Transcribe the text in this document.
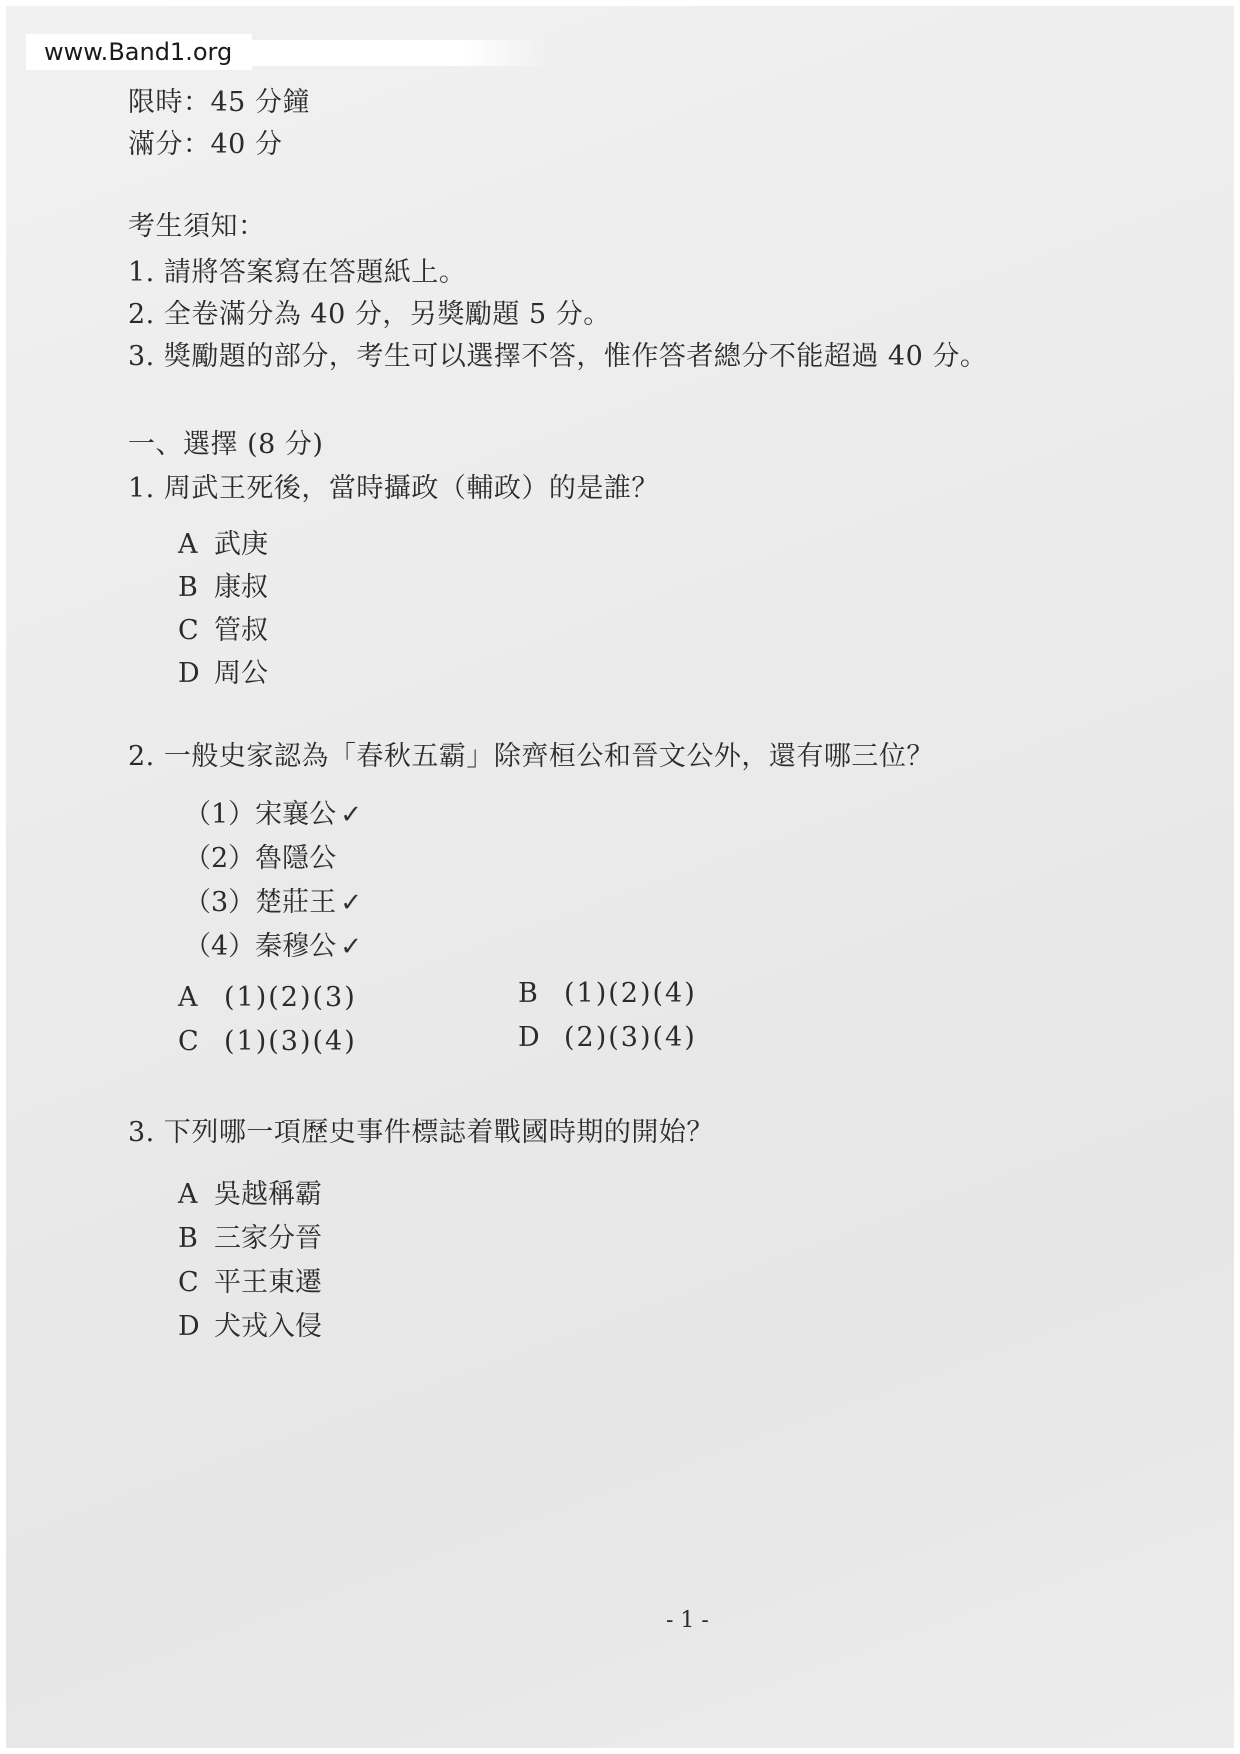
www.Band1.org
限時：45 分鐘
滿分：40 分
考生須知：
1. 請將答案寫在答題紙上。
2. 全卷滿分為 40 分，另獎勵題 5 分。
3. 獎勵題的部分，考生可以選擇不答，惟作答者總分不能超過 40 分。
一、選擇 (8 分)
1. 周武王死後，當時攝政（輔政）的是誰？
A 武庚
B 康叔
C 管叔
D 周公
2. 一般史家認為「春秋五霸」除齊桓公和晉文公外，還有哪三位？
（1）宋襄公 ✓
（2）魯隱公
（3）楚莊王 ✓
（4）秦穆公 ✓
A (1)(2)(3)	B (1)(2)(4)
C (1)(3)(4)	D (2)(3)(4)
3. 下列哪一項歷史事件標誌着戰國時期的開始？
A 吳越稱霸
B 三家分晉
C 平王東遷
D 犬戎入侵
- 1 -
